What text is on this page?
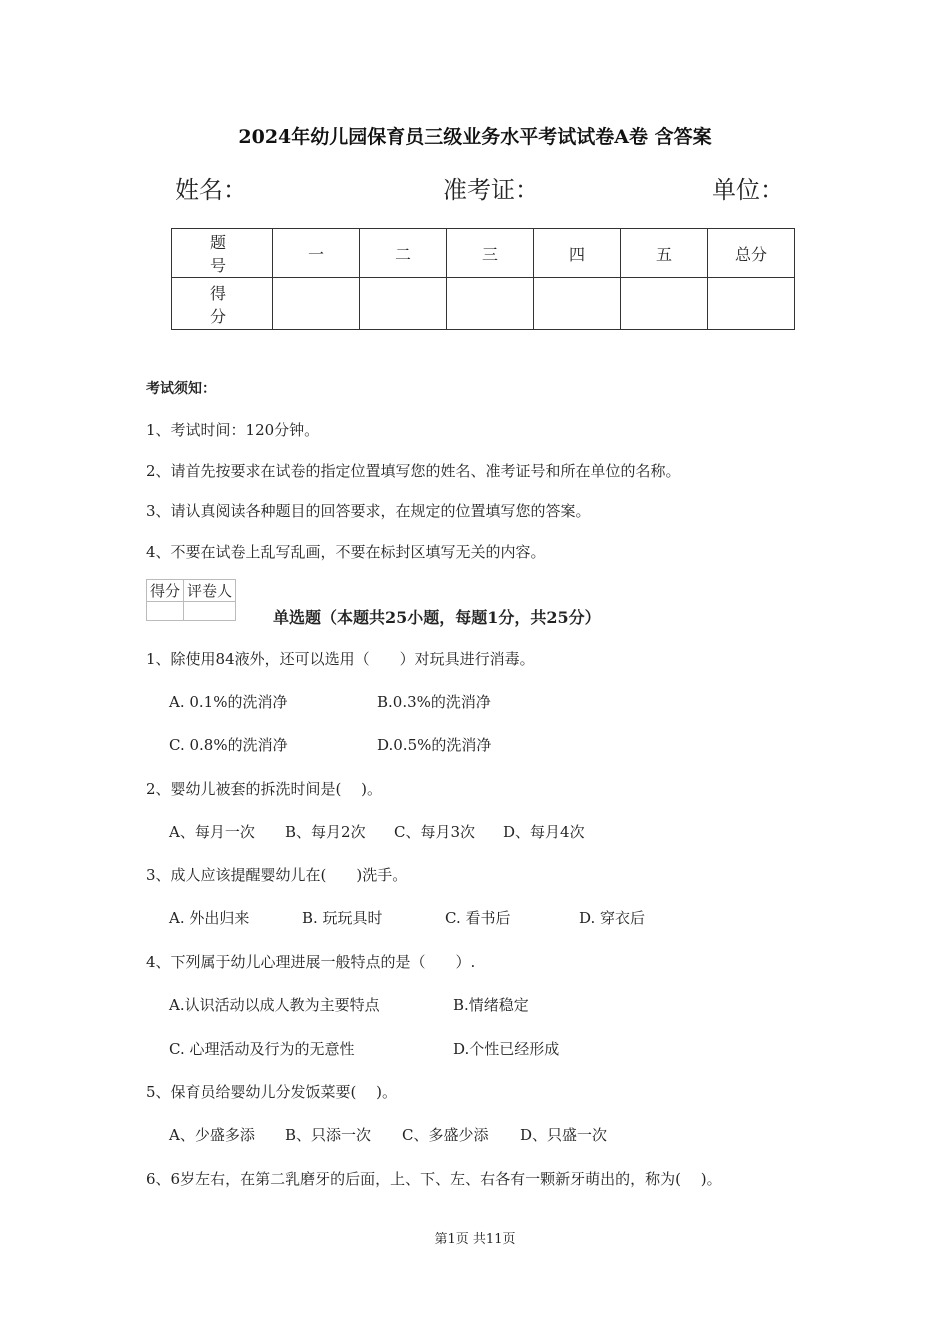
2024年幼儿园保育员三级业务水平考试试卷A卷 含答案
姓名：	准考证：	单位：
题 号	一	二	三	四	五	总分
得 分						
考试须知：
1、考试时间：120分钟。
2、请首先按要求在试卷的指定位置填写您的姓名、准考证号和所在单位的名称。
3、请认真阅读各种题目的回答要求，在规定的位置填写您的答案。
4、不要在试卷上乱写乱画，不要在标封区填写无关的内容。
得分	评卷人

单选题（本题共25小题，每题1分，共25分）
1、除使用84液外，还可以选用（　　）对玩具进行消毒。
A. 0.1%的洗消净	B.0.3%的洗消净
C. 0.8%的洗消净	D.0.5%的洗消净
2、婴幼儿被套的拆洗时间是(　 )。
A、每月一次 B、每月2次 C、每月3次 D、每月4次
3、成人应该提醒婴幼儿在(　　)洗手。
A. 外出归来	B. 玩玩具时	C. 看书后	D. 穿衣后
4、下列属于幼儿心理进展一般特点的是（　　）.
A.认识活动以成人教为主要特点	B.情绪稳定
C. 心理活动及行为的无意性	D.个性已经形成
5、保育员给婴幼儿分发饭菜要(　 )。
A、少盛多添 B、只添一次 C、多盛少添 D、只盛一次
6、6岁左右，在第二乳磨牙的后面，上、下、左、右各有一颗新牙萌出的，称为(　 )。
第1页 共11页
